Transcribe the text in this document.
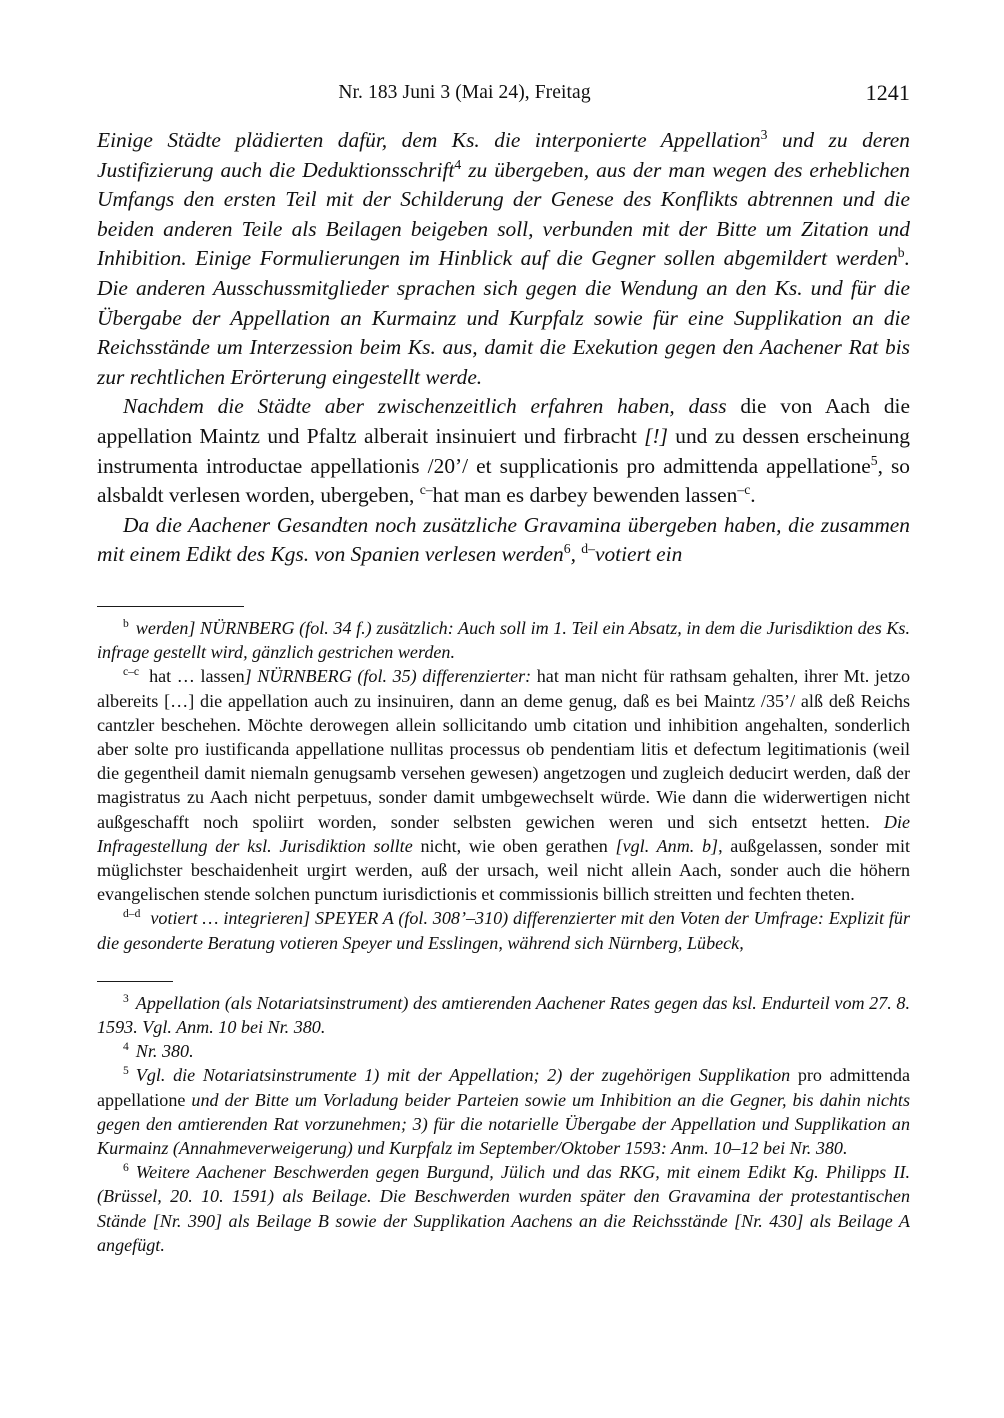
Nr. 183 Juni 3 (Mai 24), Freitag	1241

Einige Städte plädierten dafür, dem Ks. die interponierte Appellation$^3$ und zu deren Justifizierung auch die Deduktionsschrift$^4$ zu übergeben, aus der man wegen des erheblichen Umfangs den ersten Teil mit der Schilderung der Genese des Konflikts abtrennen und die beiden anderen Teile als Beilagen beigeben soll, verbunden mit der Bitte um Zitation und Inhibition. Einige Formulierungen im Hinblick auf die Gegner sollen abgemildert werden$^b$. Die anderen Ausschussmitglieder sprachen sich gegen die Wendung an den Ks. und für die Übergabe der Appellation an Kurmainz und Kurpfalz sowie für eine Supplikation an die Reichsstände um Interzession beim Ks. aus, damit die Exekution gegen den Aachener Rat bis zur rechtlichen Erörterung eingestellt werde.

Nachdem die Städte aber zwischenzeitlich erfahren haben, dass die von Aach die appellation Maintz und Pfaltz alberait insinuiert und firbracht [!] und zu dessen erscheinung instrumenta introductae appellationis /20’/ et supplicationis pro admittenda appellatione$^5$, so alsbaldt verlesen worden, ubergeben, $^{c-}$hat man es darbey bewenden lassen$^{-c}$.

Da die Aachener Gesandten noch zusätzliche Gravamina übergeben haben, die zusammen mit einem Edikt des Kgs. von Spanien verlesen werden$^6$, $^{d-}$votiert ein

$^b$ werden] NÜRNBERG (fol. 34 f.) zusätzlich: Auch soll im 1. Teil ein Absatz, in dem die Jurisdiktion des Ks. infrage gestellt wird, gänzlich gestrichen werden.

$^{c-c}$ hat … lassen] NÜRNBERG (fol. 35) differenzierter: hat man nicht für rathsam gehalten, ihrer Mt. jetzo albereits […] die appellation auch zu insinuiren, dann an deme genug, daß es bei Maintz /35’/ alß deß Reichs cantzler beschehen. Möchte derowegen allein sollicitando umb citation und inhibition angehalten, sonderlich aber solte pro iustificanda appellatione nullitas processus ob pendentiam litis et defectum legitimationis (weil die gegentheil damit niemaln genugsamb versehen gewesen) angetzogen und zugleich deducirt werden, daß der magistratus zu Aach nicht perpetuus, sonder damit umbgewechselt würde. Wie dann die widerwertigen nicht außgeschafft noch spoliirt worden, sonder selbsten gewichen weren und sich entsetzt hetten. Die Infragestellung der ksl. Jurisdiktion sollte nicht, wie oben gerathen [vgl. Anm. b], außgelassen, sonder mit müglichster beschaidenheit urgirt werden, auß der ursach, weil nicht allein Aach, sonder auch die höhern evangelischen stende solchen punctum iurisdictionis et commissionis billich streitten und fechten theten.

$^{d-d}$ votiert … integrieren] SPEYER A (fol. 308’–310) differenzierter mit den Voten der Umfrage: Explizit für die gesonderte Beratung votieren Speyer und Esslingen, während sich Nürnberg, Lübeck,

$^3$ Appellation (als Notariatsinstrument) des amtierenden Aachener Rates gegen das ksl. Endurteil vom 27. 8. 1593. Vgl. Anm. 10 bei Nr. 380.

$^4$ Nr. 380.

$^5$ Vgl. die Notariatsinstrumente 1) mit der Appellation; 2) der zugehörigen Supplikation pro admittenda appellatione und der Bitte um Vorladung beider Parteien sowie um Inhibition an die Gegner, bis dahin nichts gegen den amtierenden Rat vorzunehmen; 3) für die notarielle Übergabe der Appellation und Supplikation an Kurmainz (Annahmeverweigerung) und Kurpfalz im September/Oktober 1593: Anm. 10–12 bei Nr. 380.

$^6$ Weitere Aachener Beschwerden gegen Burgund, Jülich und das RKG, mit einem Edikt Kg. Philipps II. (Brüssel, 20. 10. 1591) als Beilage. Die Beschwerden wurden später den Gravamina der protestantischen Stände [Nr. 390] als Beilage B sowie der Supplikation Aachens an die Reichsstände [Nr. 430] als Beilage A angefügt.
